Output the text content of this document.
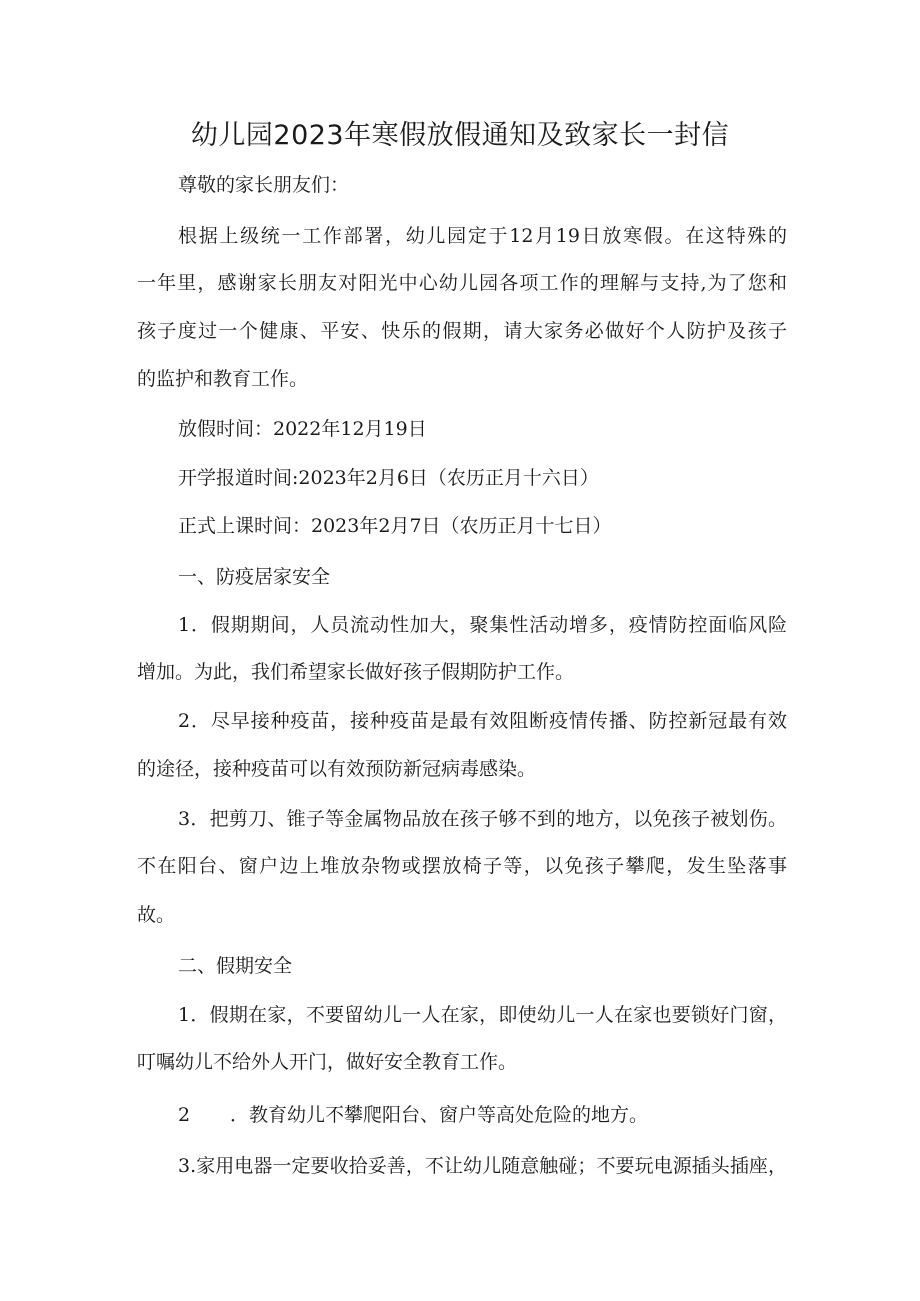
幼儿园2023年寒假放假通知及致家长一封信
尊敬的家长朋友们：
根据上级统一工作部署，幼儿园定于12月19日放寒假。在这特殊的
一年里，感谢家长朋友对阳光中心幼儿园各项工作的理解与支持,为了您和
孩子度过一个健康、平安、快乐的假期，请大家务必做好个人防护及孩子
的监护和教育工作。
放假时间：2022年12月19日
开学报道时间:2023年2月6日（农历正月十六日）
正式上课时间：2023年2月7日（农历正月十七日）
一、防疫居家安全
1．假期期间，人员流动性加大，聚集性活动增多，疫情防控面临风险
增加。为此，我们希望家长做好孩子假期防护工作。
2．尽早接种疫苗，接种疫苗是最有效阻断疫情传播、防控新冠最有效
的途径，接种疫苗可以有效预防新冠病毒感染。
3．把剪刀、锥子等金属物品放在孩子够不到的地方，以免孩子被划伤。
不在阳台、窗户边上堆放杂物或摆放椅子等，以免孩子攀爬，发生坠落事
故。
二、假期安全
1．假期在家，不要留幼儿一人在家，即使幼儿一人在家也要锁好门窗，
叮嘱幼儿不给外人开门，做好安全教育工作。
2 ．教育幼儿不攀爬阳台、窗户等高处危险的地方。
3.家用电器一定要收拾妥善，不让幼儿随意触碰；不要玩电源插头插座，
